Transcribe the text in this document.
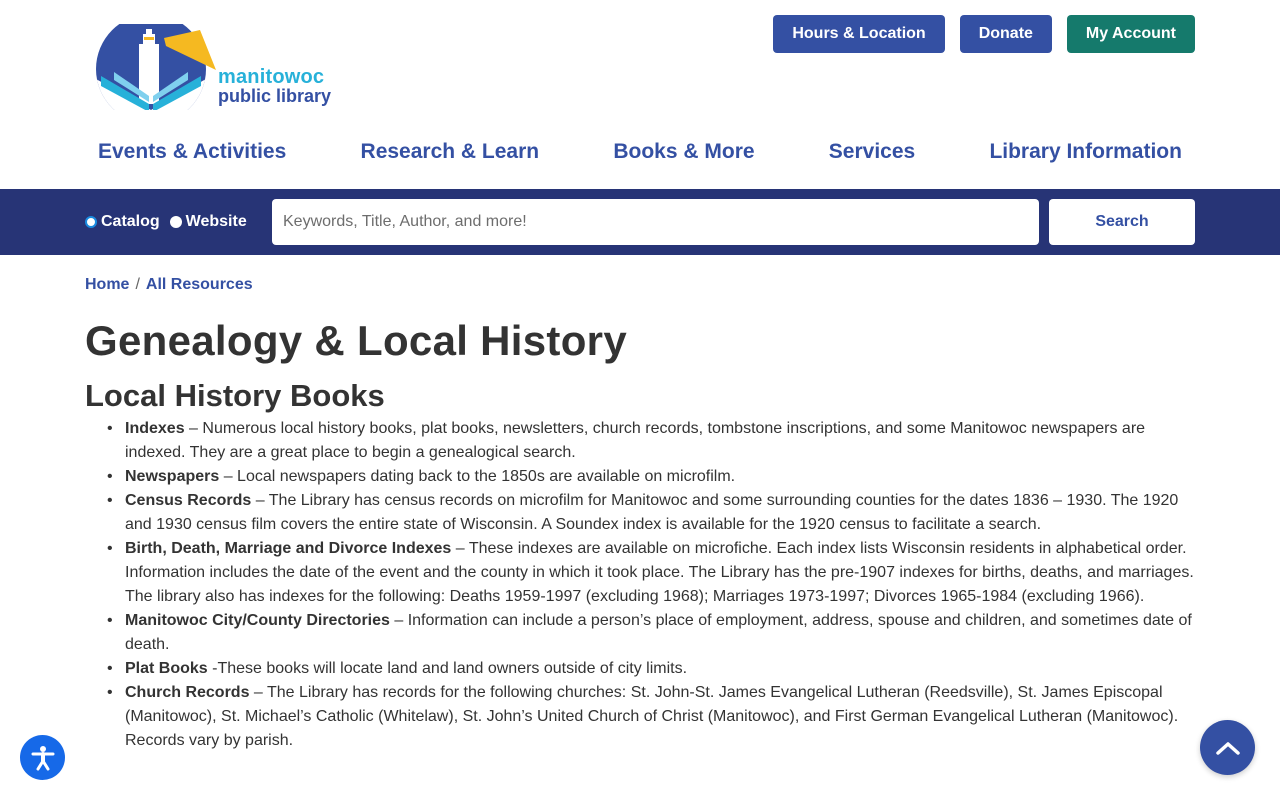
manitowoc
public library
Hours & Location	Donate	My Account
Events & Activities	Research & Learn	Books & More	Services	Library Information
Catalog Website
Keywords, Title, Author, and more!	Search
Home / All Resources
Genealogy & Local History
Local History Books
• Indexes – Numerous local history books, plat books, newsletters, church records, tombstone inscriptions, and some Manitowoc newspapers are indexed. They are a great place to begin a genealogical search.
• Newspapers – Local newspapers dating back to the 1850s are available on microfilm.
• Census Records – The Library has census records on microfilm for Manitowoc and some surrounding counties for the dates 1836 – 1930. The 1920 and 1930 census film covers the entire state of Wisconsin. A Soundex index is available for the 1920 census to facilitate a search.
• Birth, Death, Marriage and Divorce Indexes – These indexes are available on microfiche. Each index lists Wisconsin residents in alphabetical order. Information includes the date of the event and the county in which it took place. The Library has the pre-1907 indexes for births, deaths, and marriages. The library also has indexes for the following: Deaths 1959-1997 (excluding 1968); Marriages 1973-1997; Divorces 1965-1984 (excluding 1966).
• Manitowoc City/County Directories – Information can include a person’s place of employment, address, spouse and children, and sometimes date of death.
• Plat Books -These books will locate land and land owners outside of city limits.
• Church Records – The Library has records for the following churches: St. John-St. James Evangelical Lutheran (Reedsville), St. James Episcopal (Manitowoc), St. Michael’s Catholic (Whitelaw), St. John’s United Church of Christ (Manitowoc), and First German Evangelical Lutheran (Manitowoc). Records vary by parish.
